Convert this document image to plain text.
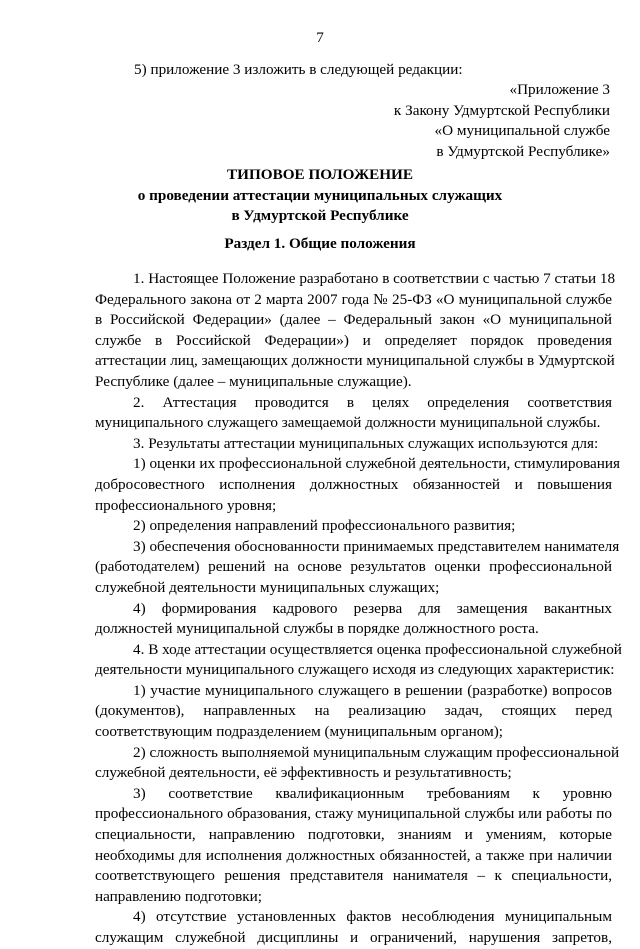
7
5) приложение 3 изложить в следующей редакции:
«Приложение 3
к Закону Удмуртской Республики
«О муниципальной службе
в Удмуртской Республике»
ТИПОВОЕ ПОЛОЖЕНИЕ
о проведении аттестации муниципальных служащих
в Удмуртской Республике
Раздел 1. Общие положения
1. Настоящее Положение разработано в соответствии с частью 7 статьи 18
Федерального закона от 2 марта 2007 года № 25-ФЗ «О муниципальной службе
в Российской Федерации» (далее – Федеральный закон «О муниципальной
службе в Российской Федерации») и определяет порядок проведения
аттестации лиц, замещающих должности муниципальной службы в Удмуртской
Республике (далее – муниципальные служащие).
2. Аттестация проводится в целях определения соответствия
муниципального служащего замещаемой должности муниципальной службы.
3. Результаты аттестации муниципальных служащих используются для:
1) оценки их профессиональной служебной деятельности, стимулирования
добросовестного исполнения должностных обязанностей и повышения
профессионального уровня;
2) определения направлений профессионального развития;
3) обеспечения обоснованности принимаемых представителем нанимателя
(работодателем) решений на основе результатов оценки профессиональной
служебной деятельности муниципальных служащих;
4) формирования кадрового резерва для замещения вакантных
должностей муниципальной службы в порядке должностного роста.
4. В ходе аттестации осуществляется оценка профессиональной служебной
деятельности муниципального служащего исходя из следующих характеристик:
1) участие муниципального служащего в решении (разработке) вопросов
(документов), направленных на реализацию задач, стоящих перед
соответствующим подразделением (муниципальным органом);
2) сложность выполняемой муниципальным служащим профессиональной
служебной деятельности, её эффективность и результативность;
3) соответствие квалификационным требованиям к уровню
профессионального образования, стажу муниципальной службы или работы по
специальности, направлению подготовки, знаниям и умениям, которые
необходимы для исполнения должностных обязанностей, а также при наличии
соответствующего решения представителя нанимателя – к специальности,
направлению подготовки;
4) отсутствие установленных фактов несоблюдения муниципальным
служащим служебной дисциплины и ограничений, нарушения запретов,
